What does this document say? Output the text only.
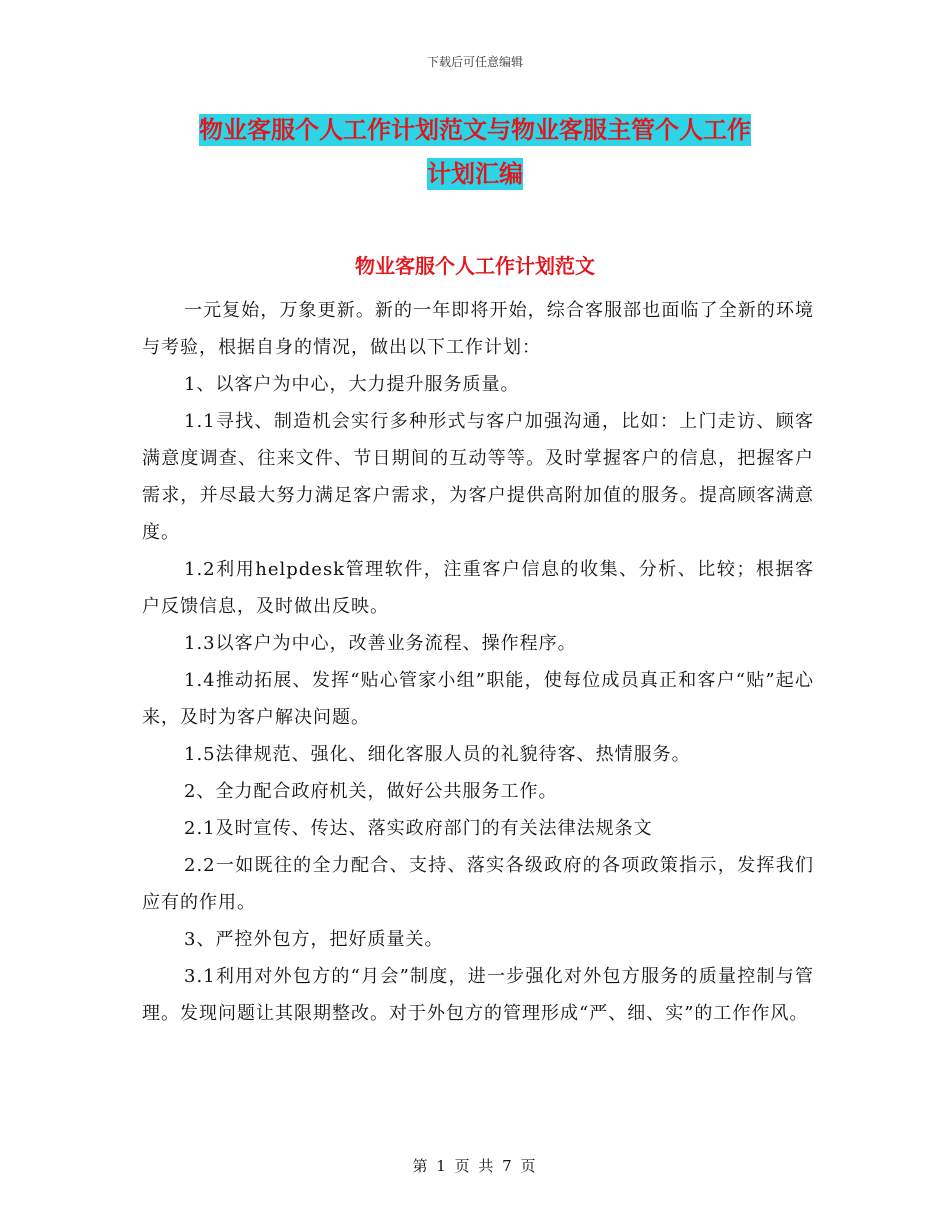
下载后可任意编辑
物业客服个人工作计划范文与物业客服主管个人工作
计划汇编
物业客服个人工作计划范文

一元复始，万象更新。新的一年即将开始，综合客服部也面临了全新的环境与考验，根据自身的情况，做出以下工作计划：

1、以客户为中心，大力提升服务质量。

1.1寻找、制造机会实行多种形式与客户加强沟通，比如：上门走访、顾客满意度调查、往来文件、节日期间的互动等等。及时掌握客户的信息，把握客户需求，并尽最大努力满足客户需求，为客户提供高附加值的服务。提高顾客满意度。

1.2利用helpdesk管理软件，注重客户信息的收集、分析、比较；根据客户反馈信息，及时做出反映。

1.3以客户为中心，改善业务流程、操作程序。

1.4推动拓展、发挥“贴心管家小组”职能，使每位成员真正和客户“贴”起心来，及时为客户解决问题。

1.5法律规范、强化、细化客服人员的礼貌待客、热情服务。

2、全力配合政府机关，做好公共服务工作。

2.1及时宣传、传达、落实政府部门的有关法律法规条文

2.2一如既往的全力配合、支持、落实各级政府的各项政策指示，发挥我们应有的作用。

3、严控外包方，把好质量关。

3.1利用对外包方的“月会”制度，进一步强化对外包方服务的质量控制与管理。发现问题让其限期整改。对于外包方的管理形成“严、细、实”的工作作风。

第 1 页 共 7 页
